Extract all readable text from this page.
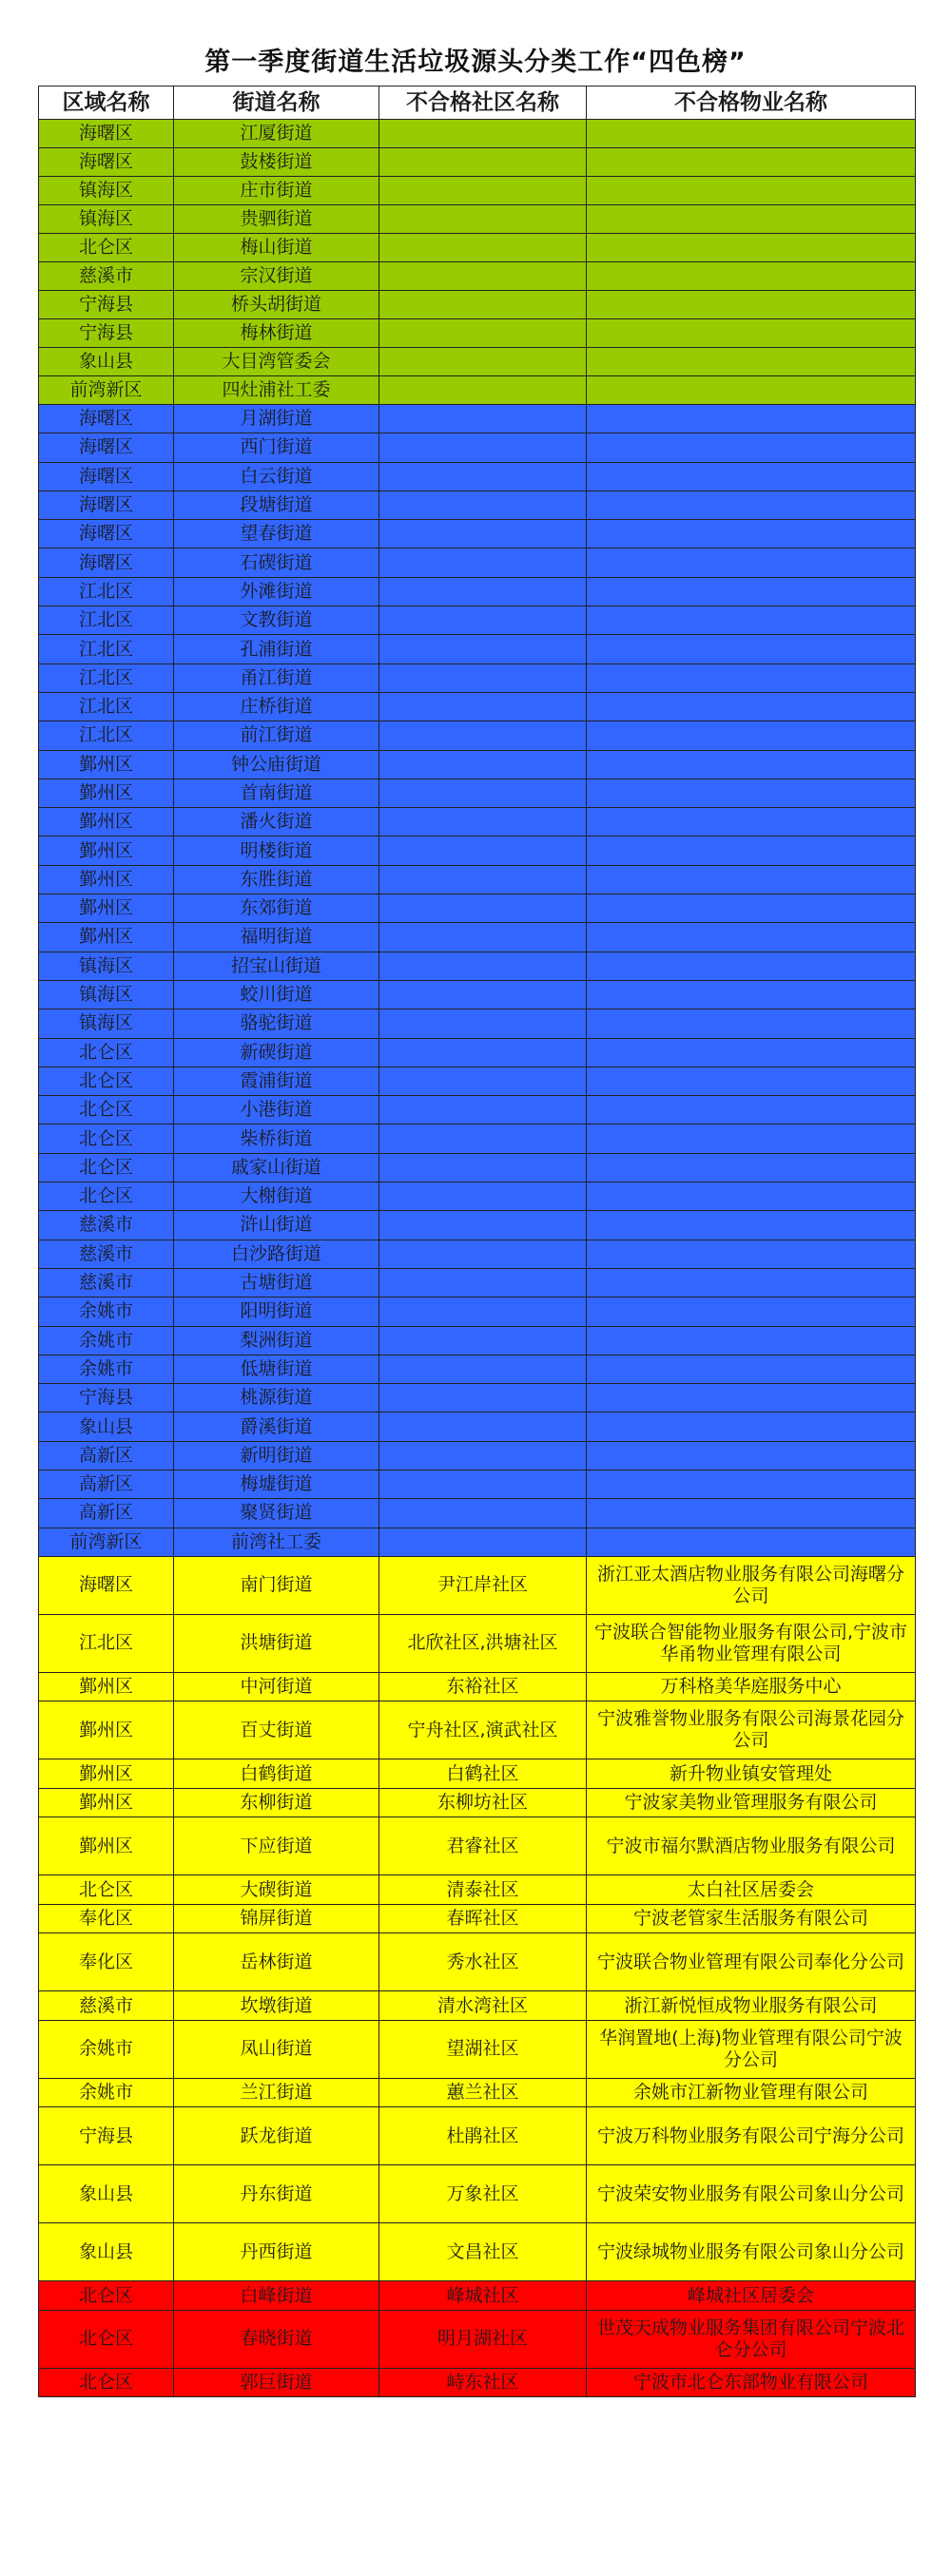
第一季度街道生活垃圾源头分类工作“四色榜”
区域名称	街道名称	不合格社区名称	不合格物业名称
海曙区	江厦街道		
海曙区	鼓楼街道		
镇海区	庄市街道		
镇海区	贵驷街道		
北仑区	梅山街道		
慈溪市	宗汉街道		
宁海县	桥头胡街道		
宁海县	梅林街道		
象山县	大目湾管委会		
前湾新区	四灶浦社工委		
海曙区	月湖街道		
海曙区	西门街道		
海曙区	白云街道		
海曙区	段塘街道		
海曙区	望春街道		
海曙区	石碶街道		
江北区	外滩街道		
江北区	文教街道		
江北区	孔浦街道		
江北区	甬江街道		
江北区	庄桥街道		
江北区	前江街道		
鄞州区	钟公庙街道		
鄞州区	首南街道		
鄞州区	潘火街道		
鄞州区	明楼街道		
鄞州区	东胜街道		
鄞州区	东郊街道		
鄞州区	福明街道		
镇海区	招宝山街道		
镇海区	蛟川街道		
镇海区	骆驼街道		
北仑区	新碶街道		
北仑区	霞浦街道		
北仑区	小港街道		
北仑区	柴桥街道		
北仑区	戚家山街道		
北仑区	大榭街道		
慈溪市	浒山街道		
慈溪市	白沙路街道		
慈溪市	古塘街道		
余姚市	阳明街道		
余姚市	梨洲街道		
余姚市	低塘街道		
宁海县	桃源街道		
象山县	爵溪街道		
高新区	新明街道		
高新区	梅墟街道		
高新区	聚贤街道		
前湾新区	前湾社工委		
海曙区	南门街道	尹江岸社区	浙江亚太酒店物业服务有限公司海曙分公司
江北区	洪塘街道	北欣社区,洪塘社区	宁波联合智能物业服务有限公司,宁波市华甬物业管理有限公司
鄞州区	中河街道	东裕社区	万科格美华庭服务中心
鄞州区	百丈街道	宁舟社区,演武社区	宁波雅誉物业服务有限公司海景花园分公司
鄞州区	白鹤街道	白鹤社区	新升物业镇安管理处
鄞州区	东柳街道	东柳坊社区	宁波家美物业管理服务有限公司
鄞州区	下应街道	君睿社区	宁波市福尔默酒店物业服务有限公司
北仑区	大碶街道	清泰社区	太白社区居委会
奉化区	锦屏街道	春晖社区	宁波老管家生活服务有限公司
奉化区	岳林街道	秀水社区	宁波联合物业管理有限公司奉化分公司
慈溪市	坎墩街道	清水湾社区	浙江新悦恒成物业服务有限公司
余姚市	凤山街道	望湖社区	华润置地(上海)物业管理有限公司宁波分公司
余姚市	兰江街道	蕙兰社区	余姚市江新物业管理有限公司
宁海县	跃龙街道	杜鹃社区	宁波万科物业服务有限公司宁海分公司
象山县	丹东街道	万象社区	宁波荣安物业服务有限公司象山分公司
象山县	丹西街道	文昌社区	宁波绿城物业服务有限公司象山分公司
北仑区	白峰街道	峰城社区	峰城社区居委会
北仑区	春晓街道	明月湖社区	世茂天成物业服务集团有限公司宁波北仑分公司
北仑区	郭巨街道	峙东社区	宁波市北仑东部物业有限公司
